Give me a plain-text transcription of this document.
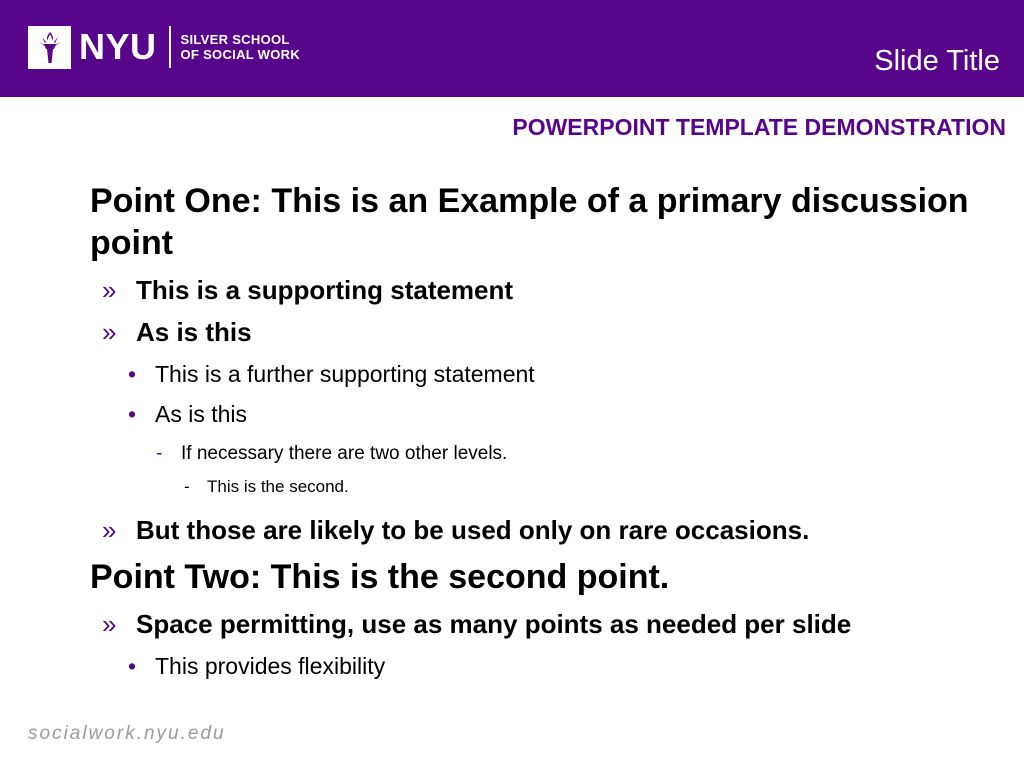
NYU SILVER SCHOOL
OF SOCIAL WORK	Slide Title
POWERPOINT TEMPLATE DEMONSTRATION
Point One: This is an Example of a primary discussion point
» This is a supporting statement
» As is this
• This is a further supporting statement
• As is this
- If necessary there are two other levels.
- This is the second.
» But those are likely to be used only on rare occasions.
Point Two: This is the second point.
» Space permitting, use as many points as needed per slide
• This provides flexibility
socialwork.nyu.edu
